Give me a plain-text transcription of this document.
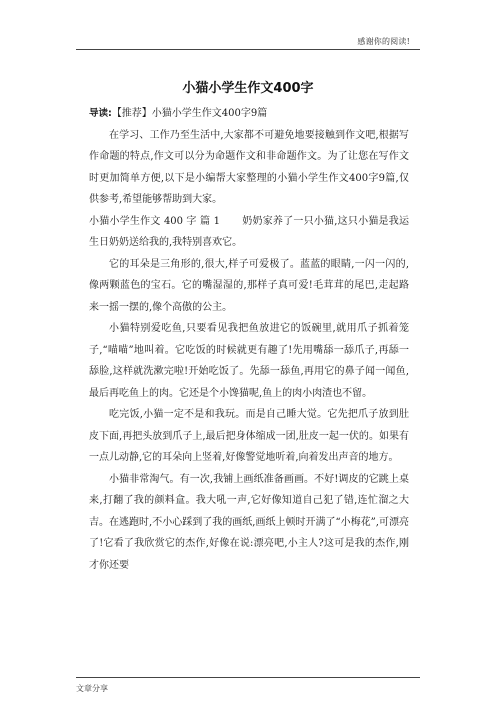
感谢你的阅读!
小猫小学生作文400字

导读:【推荐】小猫小学生作文400字9篇

在学习、工作乃至生活中,大家都不可避免地要接触到作文吧,根据写作命题的特点,作文可以分为命题作文和非命题作文。为了让您在写作文时更加简单方便,以下是小编帮大家整理的小猫小学生作文400字9篇,仅供参考,希望能够帮助到大家。

小猫小学生作文 400 字 篇 1 奶奶家养了一只小猫,这只小猫是我运生日奶奶送给我的,我特别喜欢它。

它的耳朵是三角形的,很大,样子可爱极了。蓝蓝的眼睛,一闪一闪的,像两颗蓝色的宝石。它的嘴湿湿的,那样子真可爱!毛茸茸的尾巴,走起路来一摇一摆的,像个高傲的公主。

小猫特别爱吃鱼,只要看见我把鱼放进它的饭碗里,就用爪子抓着笼子,“喵喵”地叫着。它吃饭的时候就更有趣了!先用嘴舔一舔爪子,再舔一舔脸,这样就洗漱完啦!开始吃饭了。先舔一舔鱼,再用它的鼻子闻一闻鱼,最后再吃鱼上的肉。它还是个小馋猫呢,鱼上的肉小肉渣也不留。

吃完饭,小猫一定不是和我玩。而是自己睡大觉。它先把爪子放到肚皮下面,再把头放到爪子上,最后把身体缩成一团,肚皮一起一伏的。如果有一点儿动静,它的耳朵向上竖着,好像警觉地听着,向着发出声音的地方。

小猫非常淘气。有一次,我铺上画纸准备画画。不好!调皮的它跳上桌来,打翻了我的颜料盒。我大吼一声,它好像知道自己犯了错,连忙溜之大吉。在逃跑时,不小心踩到了我的画纸,画纸上顿时开满了“小梅花”,可漂亮了!它看了我欣赏它的杰作,好像在说:漂亮吧,小主人?这可是我的杰作,刚才你还要

文章分享
